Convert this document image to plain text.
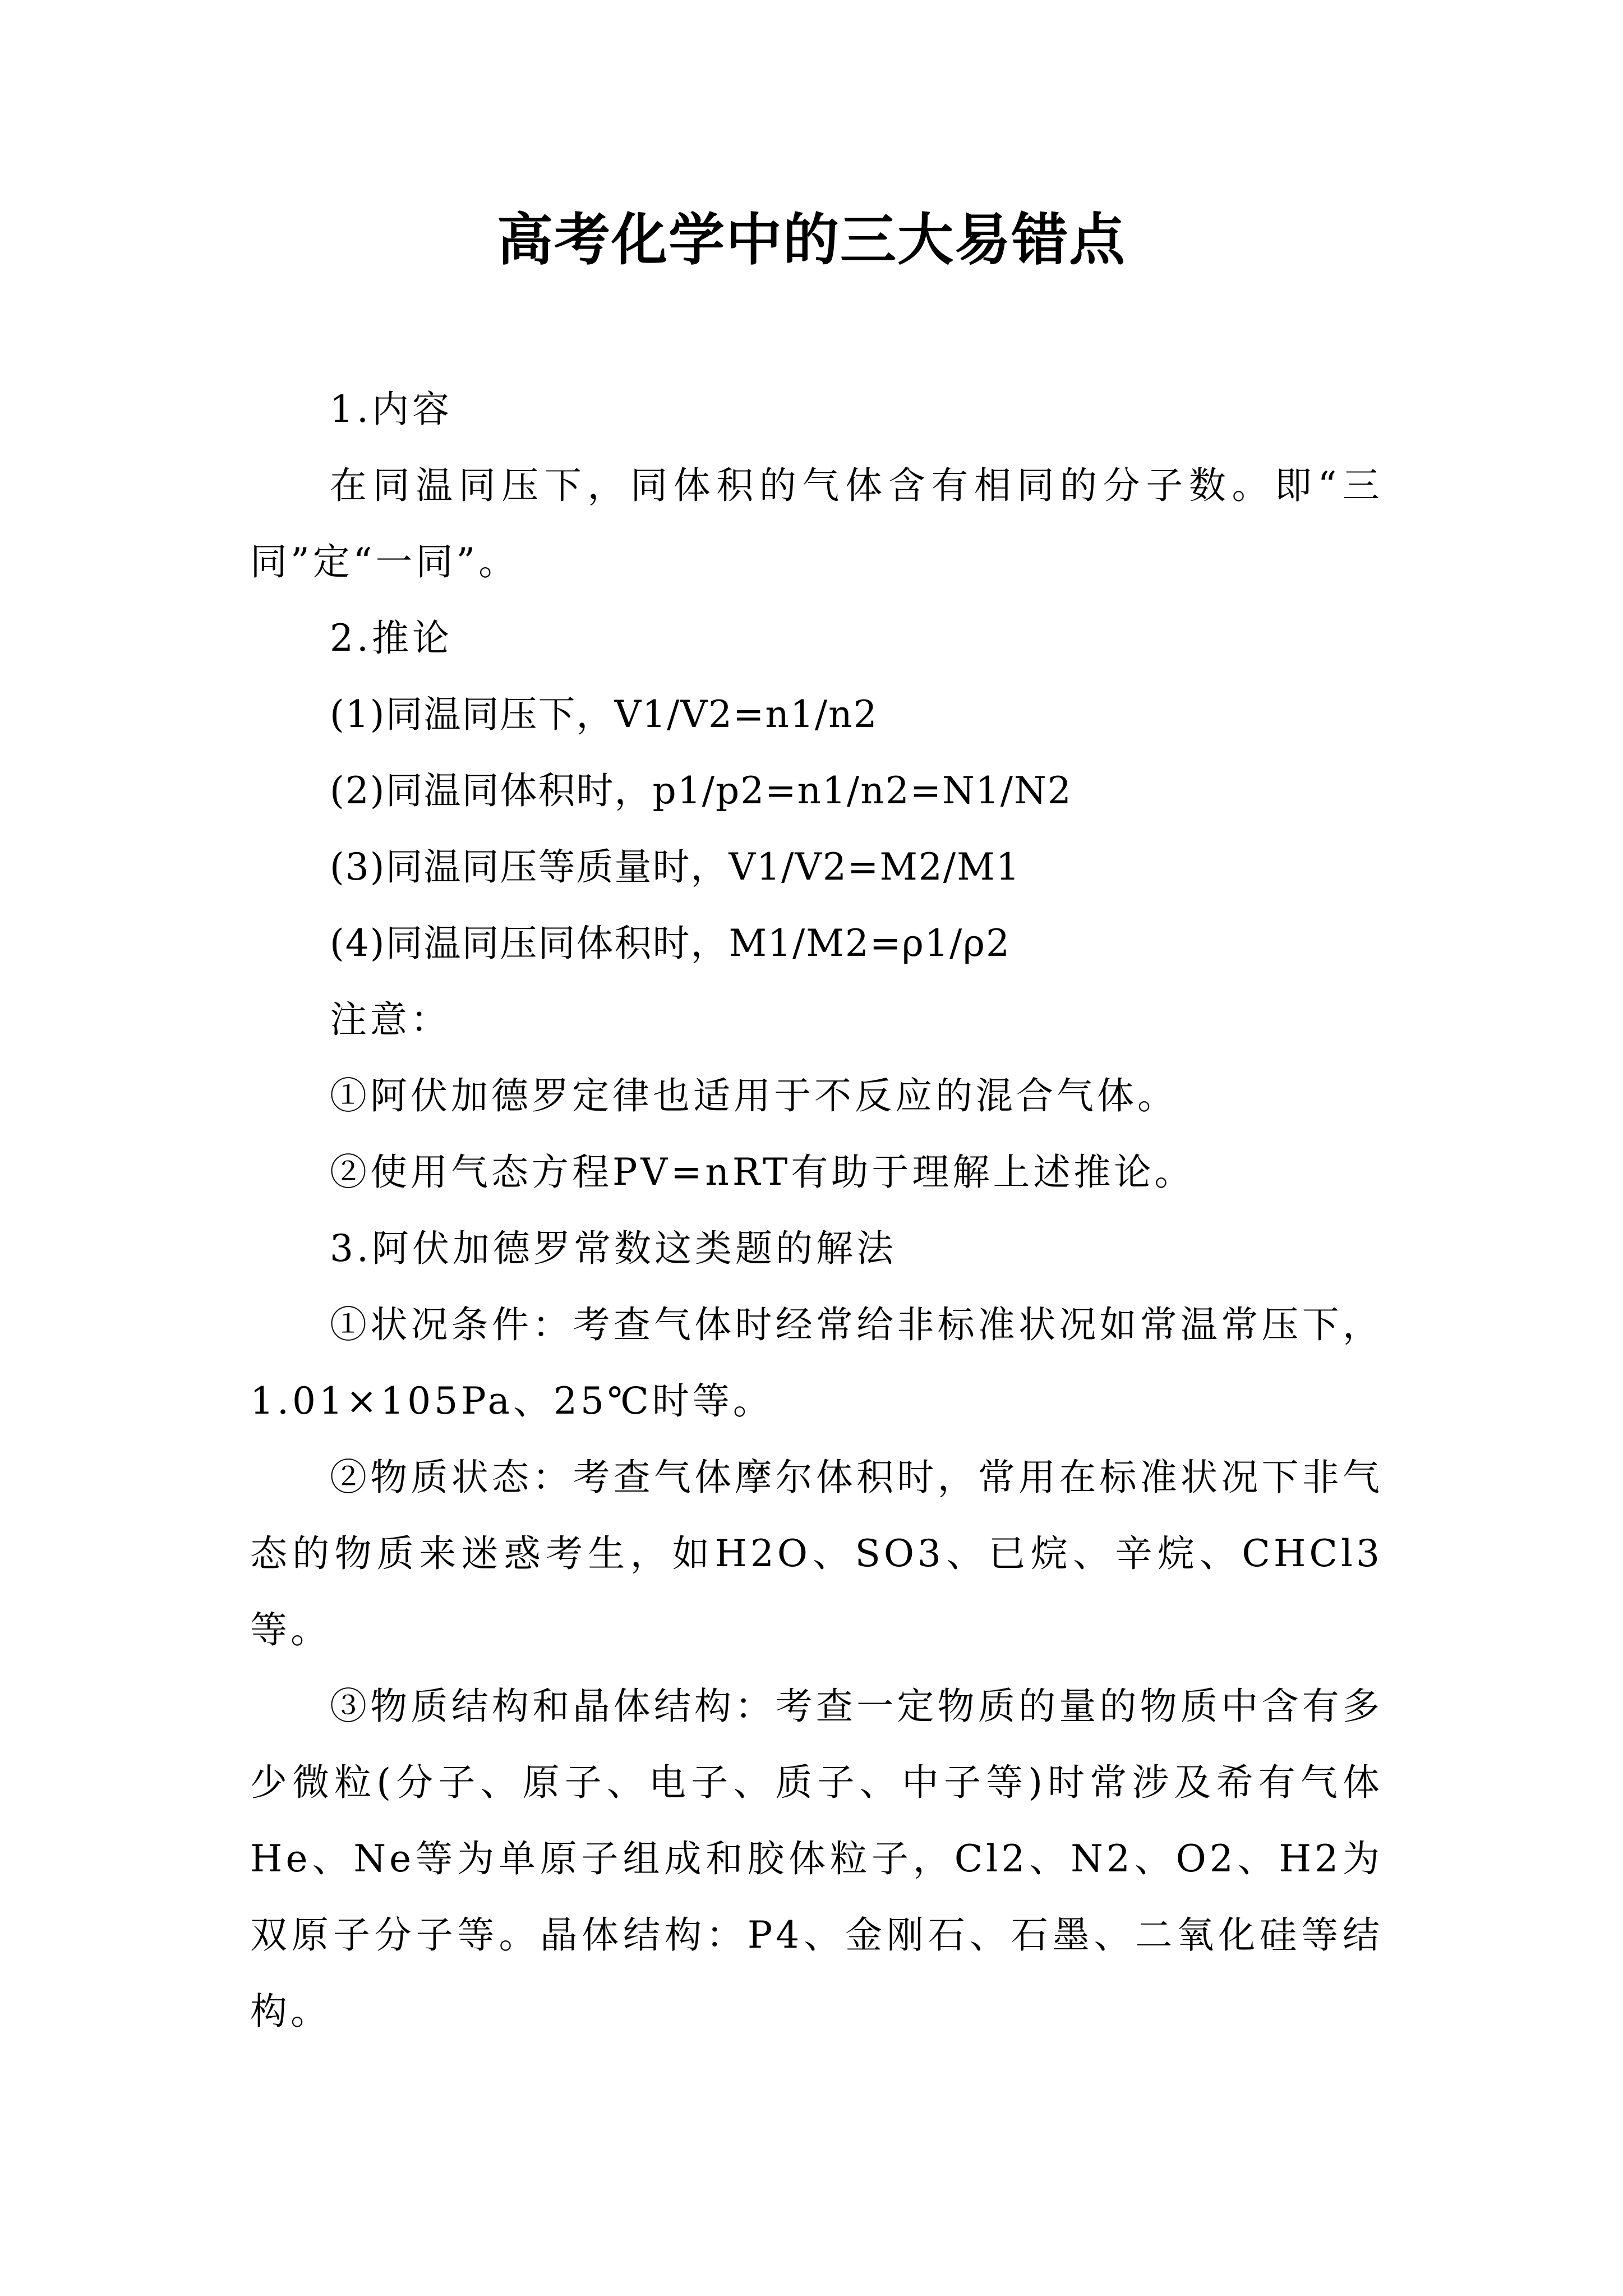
高考化学中的三大易错点

1.内容

在同温同压下，同体积的气体含有相同的分子数。即“三同”定“一同”。

2.推论

(1)同温同压下，V1/V2=n1/n2

(2)同温同体积时，p1/p2=n1/n2=N1/N2

(3)同温同压等质量时，V1/V2=M2/M1

(4)同温同压同体积时，M1/M2=ρ1/ρ2

注意：

①阿伏加德罗定律也适用于不反应的混合气体。

②使用气态方程PV=nRT有助于理解上述推论。

3.阿伏加德罗常数这类题的解法

①状况条件：考查气体时经常给非标准状况如常温常压下，1.01×105Pa、25℃时等。

②物质状态：考查气体摩尔体积时，常用在标准状况下非气态的物质来迷惑考生，如H2O、SO3、已烷、辛烷、CHCl3等。

③物质结构和晶体结构：考查一定物质的量的物质中含有多少微粒(分子、原子、电子、质子、中子等)时常涉及希有气体He、Ne等为单原子组成和胶体粒子，Cl2、N2、O2、H2为双原子分子等。晶体结构：P4、金刚石、石墨、二氧化硅等结构。
